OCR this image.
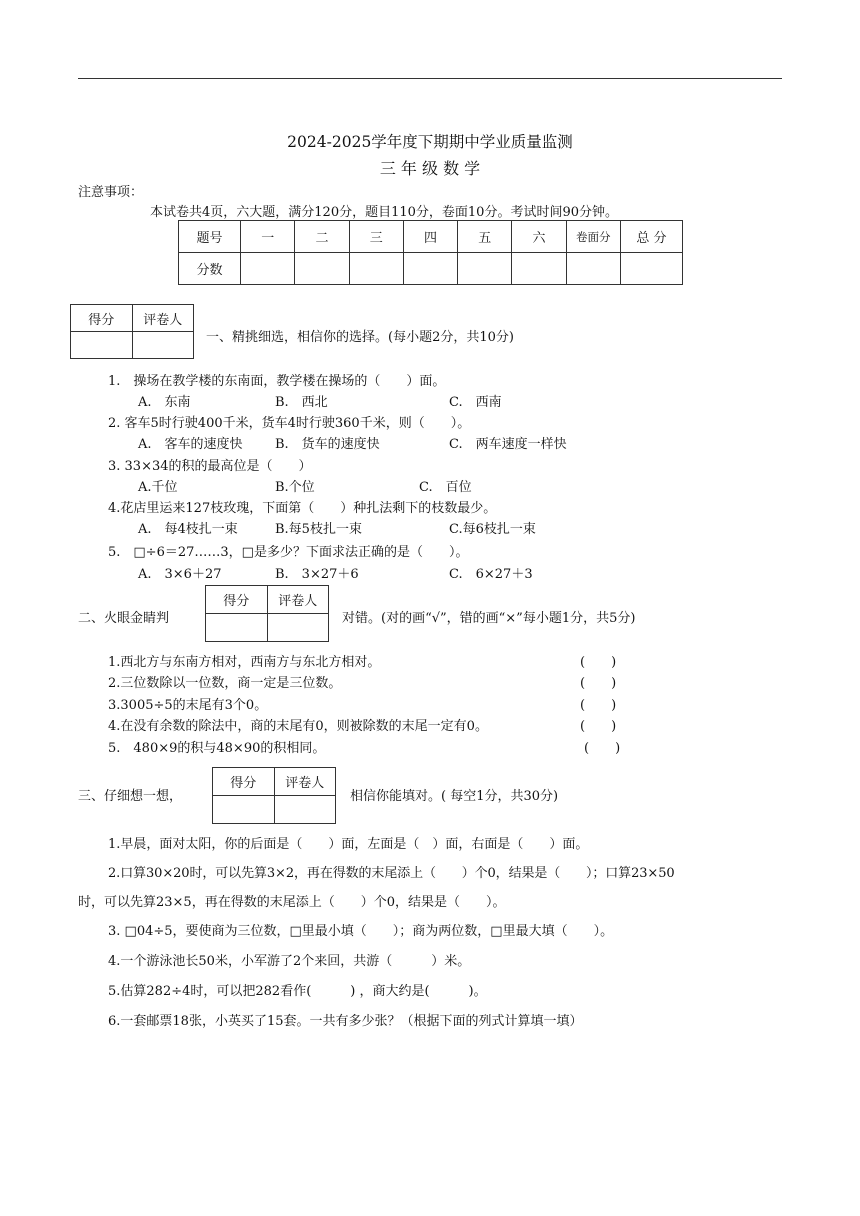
2024-2025学年度下期期中学业质量监测
三 年 级 数 学
注意事项：
本试卷共4页，六大题，满分120分，题目110分，卷面10分。考试时间90分钟。
题号	一	二	三	四	五	六	卷面分	总 分
分数								
得分	评卷人

一、精挑细选，相信你的选择。(每小题2分，共10分)
1.　操场在教学楼的东南面，教学楼在操场的（　　）面。
A.　东南	B.　西北	C.　西南
2. 客车5时行驶400千米，货车4时行驶360千米，则（　　）。
A.　客车的速度快 B.　货车的速度快	C.　两车速度一样快
3. 33×34的积的最高位是（　　）
A.千位	B.个位	C.　百位
4.花店里运来127枝玫瑰，下面第（　　）种扎法剩下的枝数最少。
A.　每4枝扎一束	B.每5枝扎一束	C.每6枝扎一束
5.　□÷6＝27……3，□是多少？下面求法正确的是（　　）。
A.　3×6＋27	B.　3×27＋6	C.　6×27＋3
二、火眼金睛判
得分	评卷人

对错。(对的画“√”，错的画“×”每小题1分，共5分)
1.西北方与东南方相对，西南方与东北方相对。	(　　)
2.三位数除以一位数，商一定是三位数。	(　　)
3.3005÷5的末尾有3个0。	(　　)
4.在没有余数的除法中，商的末尾有0，则被除数的末尾一定有0。	(　　)
5.　480×9的积与48×90的积相同。	(　　)
三、仔细想一想，
得分	评卷人

相信你能填对。( 每空1分，共30分)
1.早晨，面对太阳，你的后面是（　　）面，左面是（　）面，右面是（　　）面。
2.口算30×20时，可以先算3×2，再在得数的末尾添上（　　）个0，结果是（　　）；口算23×50
时，可以先算23×5，再在得数的末尾添上（　　）个0，结果是（　　）。
3. □04÷5，要使商为三位数，□里最小填（　　）；商为两位数，□里最大填（　　）。
4.一个游泳池长50米，小军游了2个来回，共游（　　　）米。
5.估算282÷4时，可以把282看作(　　　) ，商大约是(　　　)。
6.一套邮票18张，小英买了15套。一共有多少张？（根据下面的列式计算填一填）
